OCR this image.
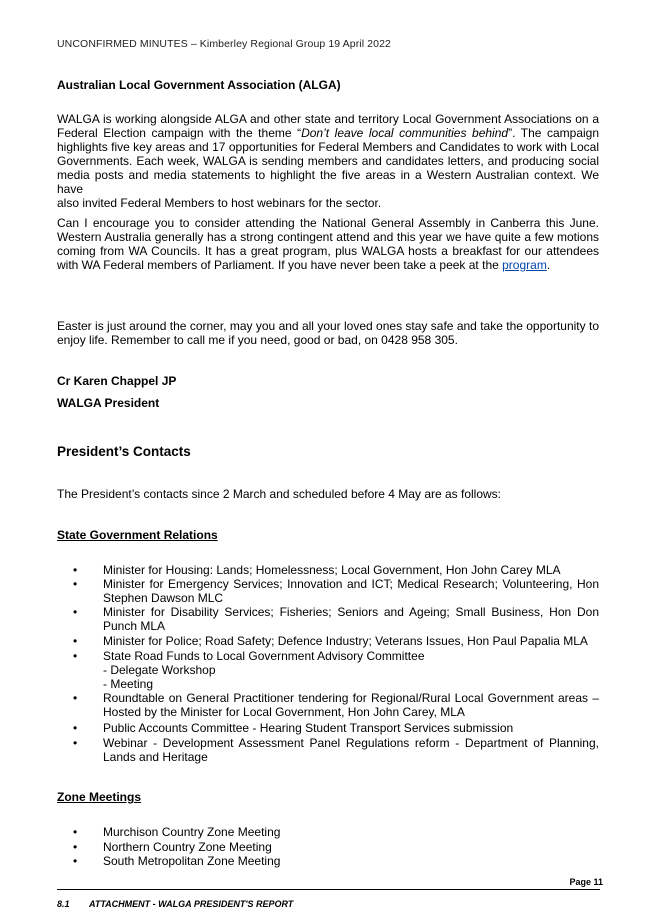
UNCONFIRMED MINUTES – Kimberley Regional Group 19 April 2022
Australian Local Government Association (ALGA)
WALGA is working alongside ALGA and other state and territory Local Government Associations on a
Federal Election campaign with the theme “Don’t leave local communities behind”. The campaign
highlights five key areas and 17 opportunities for Federal Members and Candidates to work with Local
Governments. Each week, WALGA is sending members and candidates letters, and producing social
media posts and media statements to highlight the five areas in a Western Australian context. We have
also invited Federal Members to host webinars for the sector.
Can I encourage you to consider attending the National General Assembly in Canberra this June.
Western Australia generally has a strong contingent attend and this year we have quite a few motions
coming from WA Councils. It has a great program, plus WALGA hosts a breakfast for our attendees
with WA Federal members of Parliament. If you have never been take a peek at the program.
Easter is just around the corner, may you and all your loved ones stay safe and take the opportunity to
enjoy life. Remember to call me if you need, good or bad, on 0428 958 305.
Cr Karen Chappel JP
WALGA President
President’s Contacts
The President’s contacts since 2 March and scheduled before 4 May are as follows:
State Government Relations
• Minister for Housing: Lands; Homelessness; Local Government, Hon John Carey MLA
• Minister for Emergency Services; Innovation and ICT; Medical Research; Volunteering, Hon
Stephen Dawson MLC
• Minister for Disability Services; Fisheries; Seniors and Ageing; Small Business, Hon Don
Punch MLA
• Minister for Police; Road Safety; Defence Industry; Veterans Issues, Hon Paul Papalia MLA
• State Road Funds to Local Government Advisory Committee
- Delegate Workshop
- Meeting
• Roundtable on General Practitioner tendering for Regional/Rural Local Government areas –
Hosted by the Minister for Local Government, Hon John Carey, MLA
• Public Accounts Committee - Hearing Student Transport Services submission
• Webinar - Development Assessment Panel Regulations reform - Department of Planning,
Lands and Heritage
Zone Meetings
• Murchison Country Zone Meeting
• Northern Country Zone Meeting
• South Metropolitan Zone Meeting
Page 11
8.1 ATTACHMENT - WALGA PRESIDENT'S REPORT
